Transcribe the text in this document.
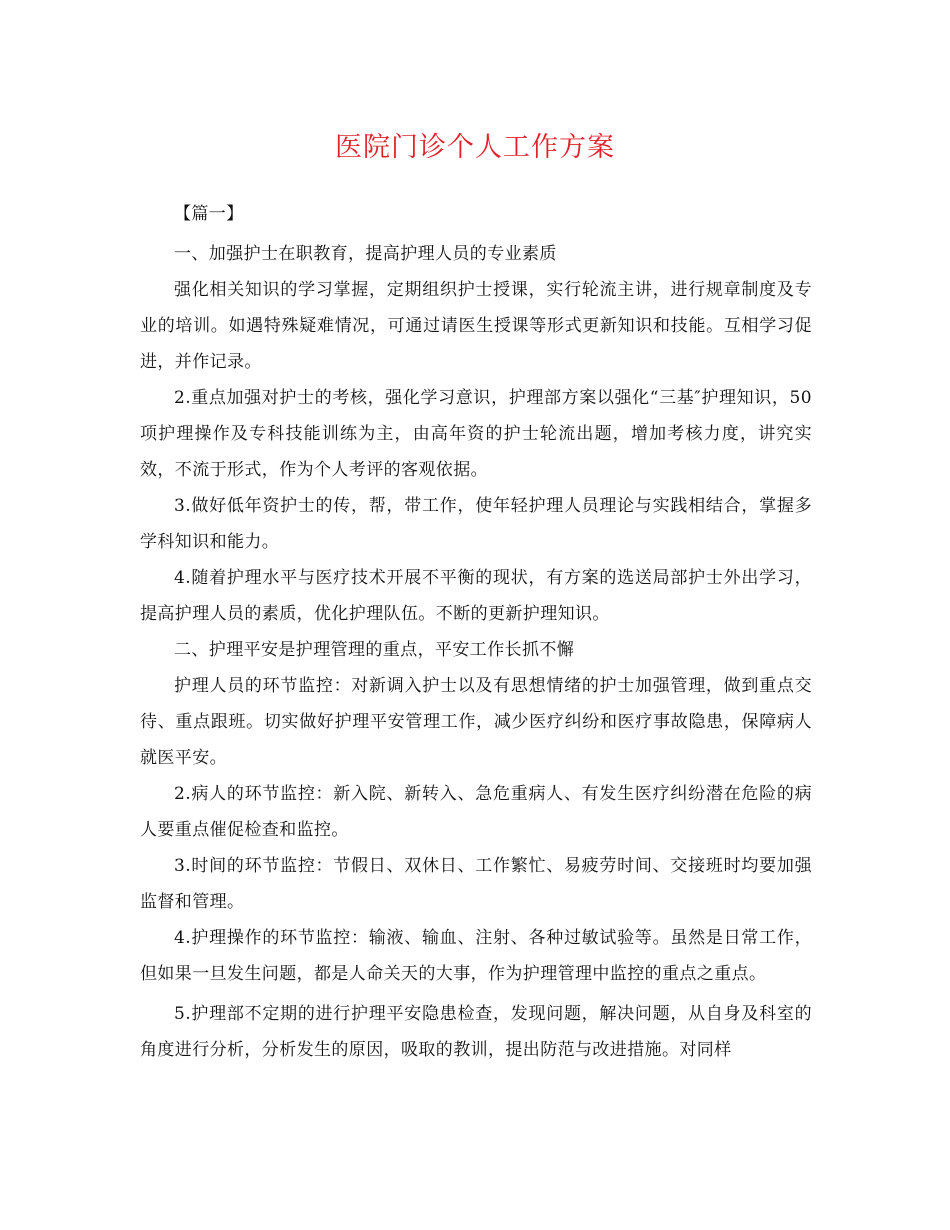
医院门诊个人工作方案

【篇一】

一、加强护士在职教育，提高护理人员的专业素质

强化相关知识的学习掌握，定期组织护士授课，实行轮流主讲，进行规章制度及专业的培训。如遇特殊疑难情况，可通过请医生授课等形式更新知识和技能。互相学习促进，并作记录。

2.重点加强对护士的考核，强化学习意识，护理部方案以强化“三基″护理知识，50项护理操作及专科技能训练为主，由高年资的护士轮流出题，增加考核力度，讲究实效，不流于形式，作为个人考评的客观依据。

3.做好低年资护士的传，帮，带工作，使年轻护理人员理论与实践相结合，掌握多学科知识和能力。

4.随着护理水平与医疗技术开展不平衡的现状，有方案的选送局部护士外出学习，提高护理人员的素质，优化护理队伍。不断的更新护理知识。

二、护理平安是护理管理的重点，平安工作长抓不懈

护理人员的环节监控：对新调入护士以及有思想情绪的护士加强管理，做到重点交待、重点跟班。切实做好护理平安管理工作，减少医疗纠纷和医疗事故隐患，保障病人就医平安。

2.病人的环节监控：新入院、新转入、急危重病人、有发生医疗纠纷潜在危险的病人要重点催促检查和监控。

3.时间的环节监控：节假日、双休日、工作繁忙、易疲劳时间、交接班时均要加强监督和管理。

4.护理操作的环节监控：输液、输血、注射、各种过敏试验等。虽然是日常工作，但如果一旦发生问题，都是人命关天的大事，作为护理管理中监控的重点之重点。

5.护理部不定期的进行护理平安隐患检查，发现问题，解决问题，从自身及科室的角度进行分析，分析发生的原因，吸取的教训，提出防范与改进措施。对同样
